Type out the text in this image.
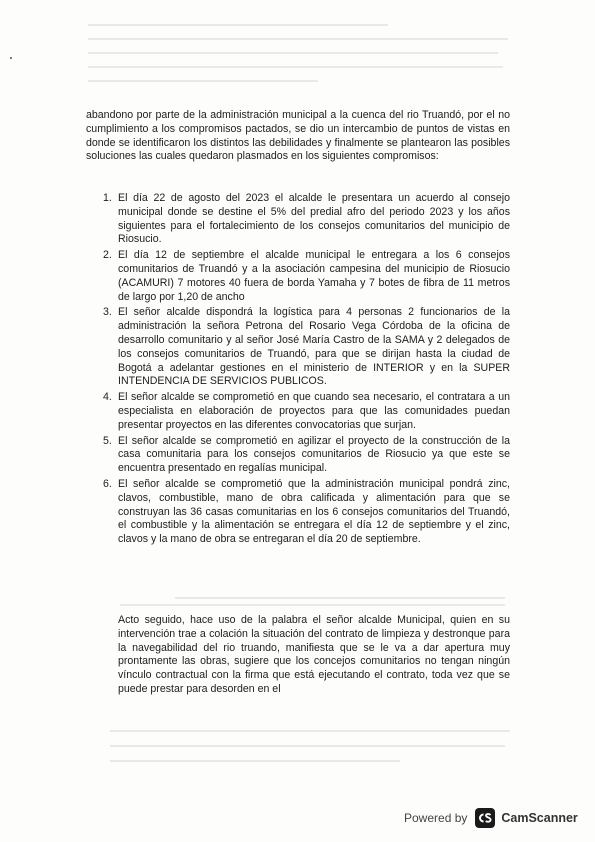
abandono por parte de la administración municipal a la cuenca del rio Truandó, por el no cumplimiento a los compromisos pactados, se dio un intercambio de puntos de vistas en donde se identificaron los distintos las debilidades y finalmente se plantearon las posibles soluciones las cuales quedaron plasmados en los siguientes compromisos:

1. El día 22 de agosto del 2023 el alcalde le presentara un acuerdo al consejo municipal donde se destine el 5% del predial afro del periodo 2023 y los años siguientes para el fortalecimiento de los consejos comunitarios del municipio de Riosucio.
2. El día 12 de septiembre el alcalde municipal le entregara a los 6 consejos comunitarios de Truandó y a la asociación campesina del municipio de Riosucio (ACAMURI) 7 motores 40 fuera de borda Yamaha y 7 botes de fibra de 11 metros de largo por 1,20 de ancho
3. El señor alcalde dispondrá la logística para 4 personas 2 funcionarios de la administración la señora Petrona del Rosario Vega Córdoba de la oficina de desarrollo comunitario y al señor José María Castro de la SAMA y 2 delegados de los consejos comunitarios de Truandó, para que se dirijan hasta la ciudad de Bogotá a adelantar gestiones en el ministerio de INTERIOR y en la SUPER INTENDENCIA DE SERVICIOS PUBLICOS.
4. El señor alcalde se comprometió en que cuando sea necesario, el contratara a un especialista en elaboración de proyectos para que las comunidades puedan presentar proyectos en las diferentes convocatorias que surjan.
5. El señor alcalde se comprometió en agilizar el proyecto de la construcción de la casa comunitaria para los consejos comunitarios de Riosucio ya que este se encuentra presentado en regalías municipal.
6. El señor alcalde se comprometió que la administración municipal pondrá zinc, clavos, combustible, mano de obra calificada y alimentación para que se construyan las 36 casas comunitarias en los 6 consejos comunitarios del Truandó, el combustible y la alimentación se entregara el día 12 de septiembre y el zinc, clavos y la mano de obra se entregaran el día 20 de septiembre.

Acto seguido, hace uso de la palabra el señor alcalde Municipal, quien en su intervención trae a colación la situación del contrato de limpieza y destronque para la navegabilidad del rio truando, manifiesta que se le va a dar apertura muy prontamente las obras, sugiere que los concejos comunitarios no tengan ningún vínculo contractual con la firma que está ejecutando el contrato, toda vez que se puede prestar para desorden en el

Powered by	CamScanner
